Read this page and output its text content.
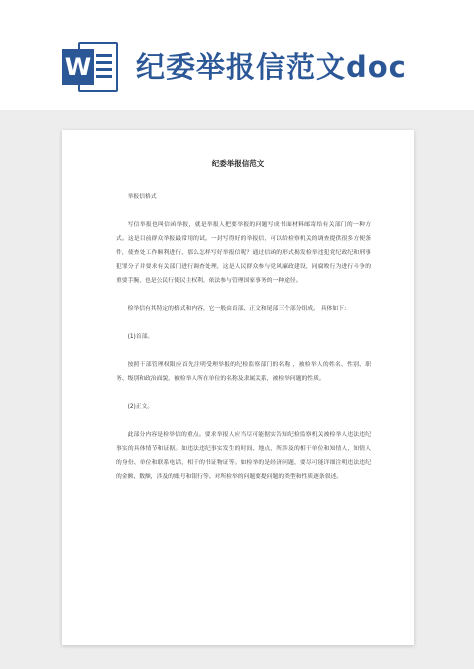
W 纪委举报信范文doc
纪委举报信范文

举报信格式

写信举报也叫信函举报，就是举报人把要举报的问题写成书面材料邮寄给有关部门的一种方式。这是目前群众举报最常用的试。一封写得好的举报信，可以给检察机关的调查提供很多方便条件，使查处工作顺利进行，那么怎样写好举报信呢？通过信函的形式揭发检举违犯党纪政纪和刑事犯罪分子并要求有关部门进行调查处理，这是人民群众参与党风廉政建设，同腐败行为进行斗争的重要手腕，也是公民行使民主权利，依法参与管理国家事务的一种途径。

检举信有其特定的格式和内容，它一般由首部、正文和尾部三个部分组成。 具体如下：

(1)首部。

按照干部管理权限应首先注明受理举报的纪检监察部门的名称 ，被检举人的姓名、性别、职务、级别和政治面貌，被检举人所在单位的名称及隶属关系，被检举问题的性质。

(2)正文。

此部分内容是检举信的重点。要求举报人应当尽可能据实告知纪检监察机关被检举人违法违纪事实的具体情节和证据。如违法违纪事实发生的时间、地点，所涉及的相干单位和知情人，知情人的身份、单位和联系电话，相干的书证物证等。如检举的是经济问题，要尽可能详细注明违法违纪的金额、数额，涉及的账号和银行等。对所检举的问题要提问题的类型和性质逐条叙述。
